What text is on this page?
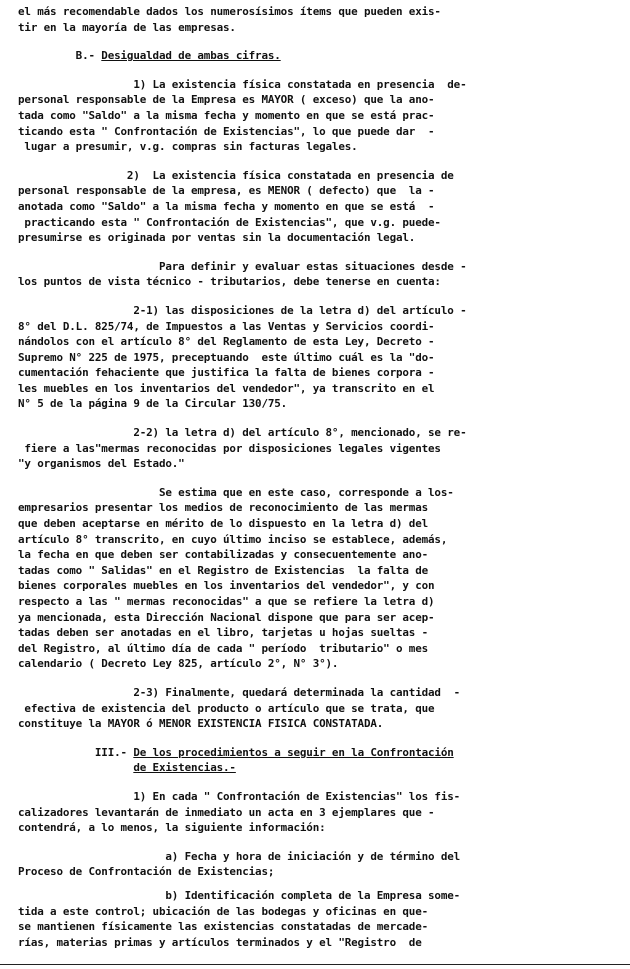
el más recomendable dados los numerosísimos ítems que pueden exis-
tir en la mayoría de las empresas.
B.- Desigualdad de ambas cifras.
1) La existencia física constatada en presencia  de-
personal responsable de la Empresa es MAYOR ( exceso) que la ano-
tada como "Saldo" a la misma fecha y momento en que se está prac-
ticando esta " Confrontación de Existencias", lo que puede dar  -
lugar a presumir, v.g. compras sin facturas legales.
2)  La existencia física constatada en presencia de
personal responsable de la empresa, es MENOR ( defecto) que  la -
anotada como "Saldo" a la misma fecha y momento en que se está  -
practicando esta " Confrontación de Existencias", que v.g. puede-
presumirse es originada por ventas sin la documentación legal.
Para definir y evaluar estas situaciones desde -
los puntos de vista técnico - tributarios, debe tenerse en cuenta:
2-1) las disposiciones de la letra d) del artículo -
8° del D.L. 825/74, de Impuestos a las Ventas y Servicios coordi-
nándolos con el artículo 8° del Reglamento de esta Ley, Decreto -
Supremo N° 225 de 1975, preceptuando  este último cuál es la "do-
cumentación fehaciente que justifica la falta de bienes corpora -
les muebles en los inventarios del vendedor", ya transcrito en el
N° 5 de la página 9 de la Circular 130/75.
2-2) la letra d) del artículo 8°, mencionado, se re-
fiere a las"mermas reconocidas por disposiciones legales vigentes
"y organismos del Estado."
Se estima que en este caso, corresponde a los-
empresarios presentar los medios de reconocimiento de las mermas
que deben aceptarse en mérito de lo dispuesto en la letra d) del
artículo 8° transcrito, en cuyo último inciso se establece, además,
la fecha en que deben ser contabilizadas y consecuentemente ano-
tadas como " Salidas" en el Registro de Existencias  la falta de
bienes corporales muebles en los inventarios del vendedor", y con
respecto a las " mermas reconocidas" a que se refiere la letra d)
ya mencionada, esta Dirección Nacional dispone que para ser acep-
tadas deben ser anotadas en el libro, tarjetas u hojas sueltas -
del Registro, al último día de cada " período  tributario" o mes
calendario ( Decreto Ley 825, artículo 2°, N° 3°).
2-3) Finalmente, quedará determinada la cantidad  -
efectiva de existencia del producto o artículo que se trata, que
constituye la MAYOR ó MENOR EXISTENCIA FISICA CONSTATADA.
III.- De los procedimientos a seguir en la Confrontación
de Existencias.-
1) En cada " Confrontación de Existencias" los fis-
calizadores levantarán de inmediato un acta en 3 ejemplares que -
contendrá, a lo menos, la siguiente información:
a) Fecha y hora de iniciación y de término del
Proceso de Confrontación de Existencias;
b) Identificación completa de la Empresa some-
tida a este control; ubicación de las bodegas y oficinas en que-
se mantienen físicamente las existencias constatadas de mercade-
rías, materias primas y artículos terminados y el "Registro  de
